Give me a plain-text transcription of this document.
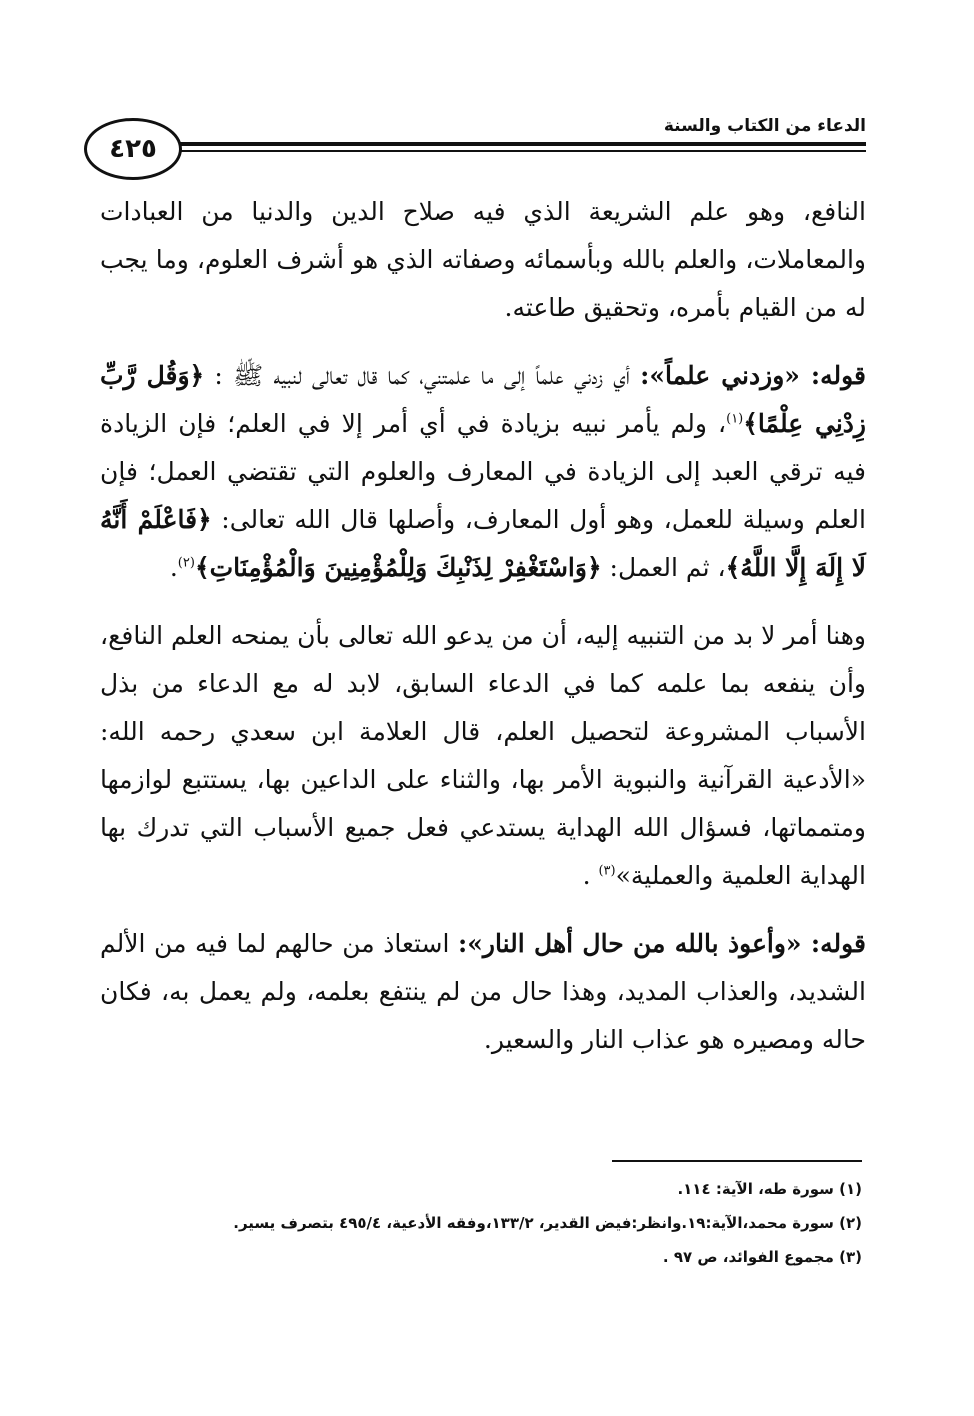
٤٢٥
الدعاء من الكتاب والسنة

النافع، وهو علم الشريعة الذي فيه صلاح الدين والدنيا من العبادات والمعاملات، والعلم بالله وبأسمائه وصفاته الذي هو أشرف العلوم، وما يجب له من القيام بأمره، وتحقيق طاعته.

قوله: «وزدني علماً»: أي زدني علماً إلى ما علمتني، كما قال تعالى لنبيه ﷺ : ﴿وَقُل رَّبِّ زِدْنِي عِلْمًا﴾$^{(١)}$، ولم يأمر نبيه بزيادة في أي أمر إلا في العلم؛ فإن الزيادة فيه ترقي العبد إلى الزيادة في المعارف والعلوم التي تقتضي العمل؛ فإن العلم وسيلة للعمل، وهو أول المعارف، وأصلها قال الله تعالى: ﴿فَاعْلَمْ أَنَّهُ لَا إِلَهَ إِلَّا اللَّهُ﴾، ثم العمل: ﴿وَاسْتَغْفِرْ لِذَنْبِكَ وَلِلْمُؤْمِنِينَ وَالْمُؤْمِنَاتِ﴾$^{(٢)}$.

وهنا أمر لا بد من التنبيه إليه، أن من يدعو الله تعالى بأن يمنحه العلم النافع، وأن ينفعه بما علمه كما في الدعاء السابق، لابد له مع الدعاء من بذل الأسباب المشروعة لتحصيل العلم، قال العلامة ابن سعدي رحمه الله: «الأدعية القرآنية والنبوية الأمر بها، والثناء على الداعين بها، يستتبع لوازمها ومتمماتها، فسؤال الله الهداية يستدعي فعل جميع الأسباب التي تدرك بها الهداية العلمية والعملية»$^{(٣)}$ .

قوله: «وأعوذ بالله من حال أهل النار»: استعاذ من حالهم لما فيه من الألم الشديد، والعذاب المديد، وهذا حال من لم ينتفع بعلمه، ولم يعمل به، فكان حاله ومصيره هو عذاب النار والسعير.

(١) سورة طه، الآية: ١١٤.

(٢) سورة محمد،الآية:١٩.وانظر:فيض القدير، ١٣٣/٢،وفقه الأدعية، ٤٩٥/٤ بتصرف يسير.

(٣) مجموع الفوائد، ص ٩٧ .
